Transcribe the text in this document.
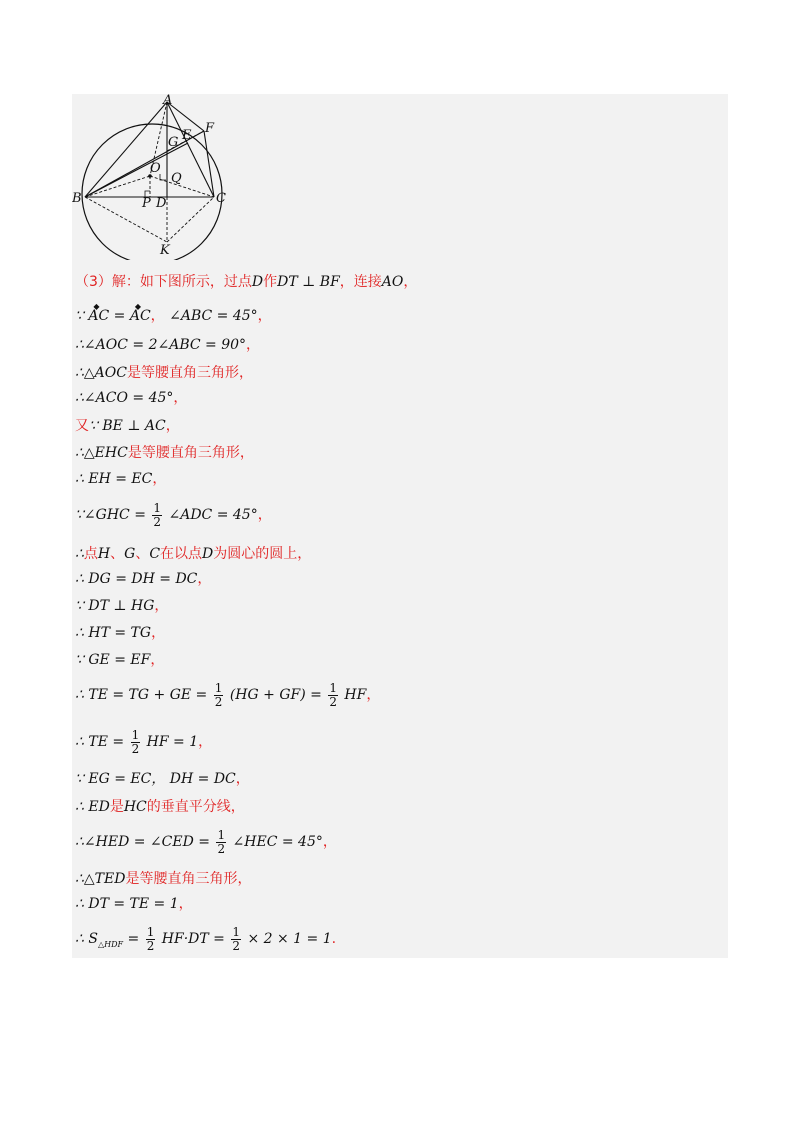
A
B	C
D
E F
G
K
O
P
Q
（3）解：如下图所示，过点D作DT ⊥ BF，连接AO，
∵ ◆ AC = ◆ AC， ∠ABC = 45°，
∴∠AOC = 2∠ABC = 90°，
∴△AOC是等腰直角三角形，
∴∠ACO = 45°，
又∵ BE ⊥ AC，
∴△EHC是等腰直角三角形，
∴ EH = EC，
∵∠GHC = $\frac{1}{2}$ ∠ADC = 45°，
∴点H、G、C在以点D为圆心的圆上，
∴ DG = DH = DC，
∵ DT ⊥ HG，
∴ HT = TG，
∵ GE = EF，
∴ TE = TG + GE = $\frac{1}{2} (HG + GF) = \frac{1}{2}$ HF，
∴ TE = $\frac{1}{2}$ HF = 1，
∵ EG = EC， DH = DC，
∴ ED是HC的垂直平分线，
∴∠HED = ∠CED = $\frac{1}{2}$ ∠HEC = 45°，
∴△TED是等腰直角三角形，
∴ DT = TE = 1，
∴ $S_{\triangle HDF} = \frac{1}{2} HF\cdot DT = \frac{1}{2} \times 2 \times 1 = 1$.
